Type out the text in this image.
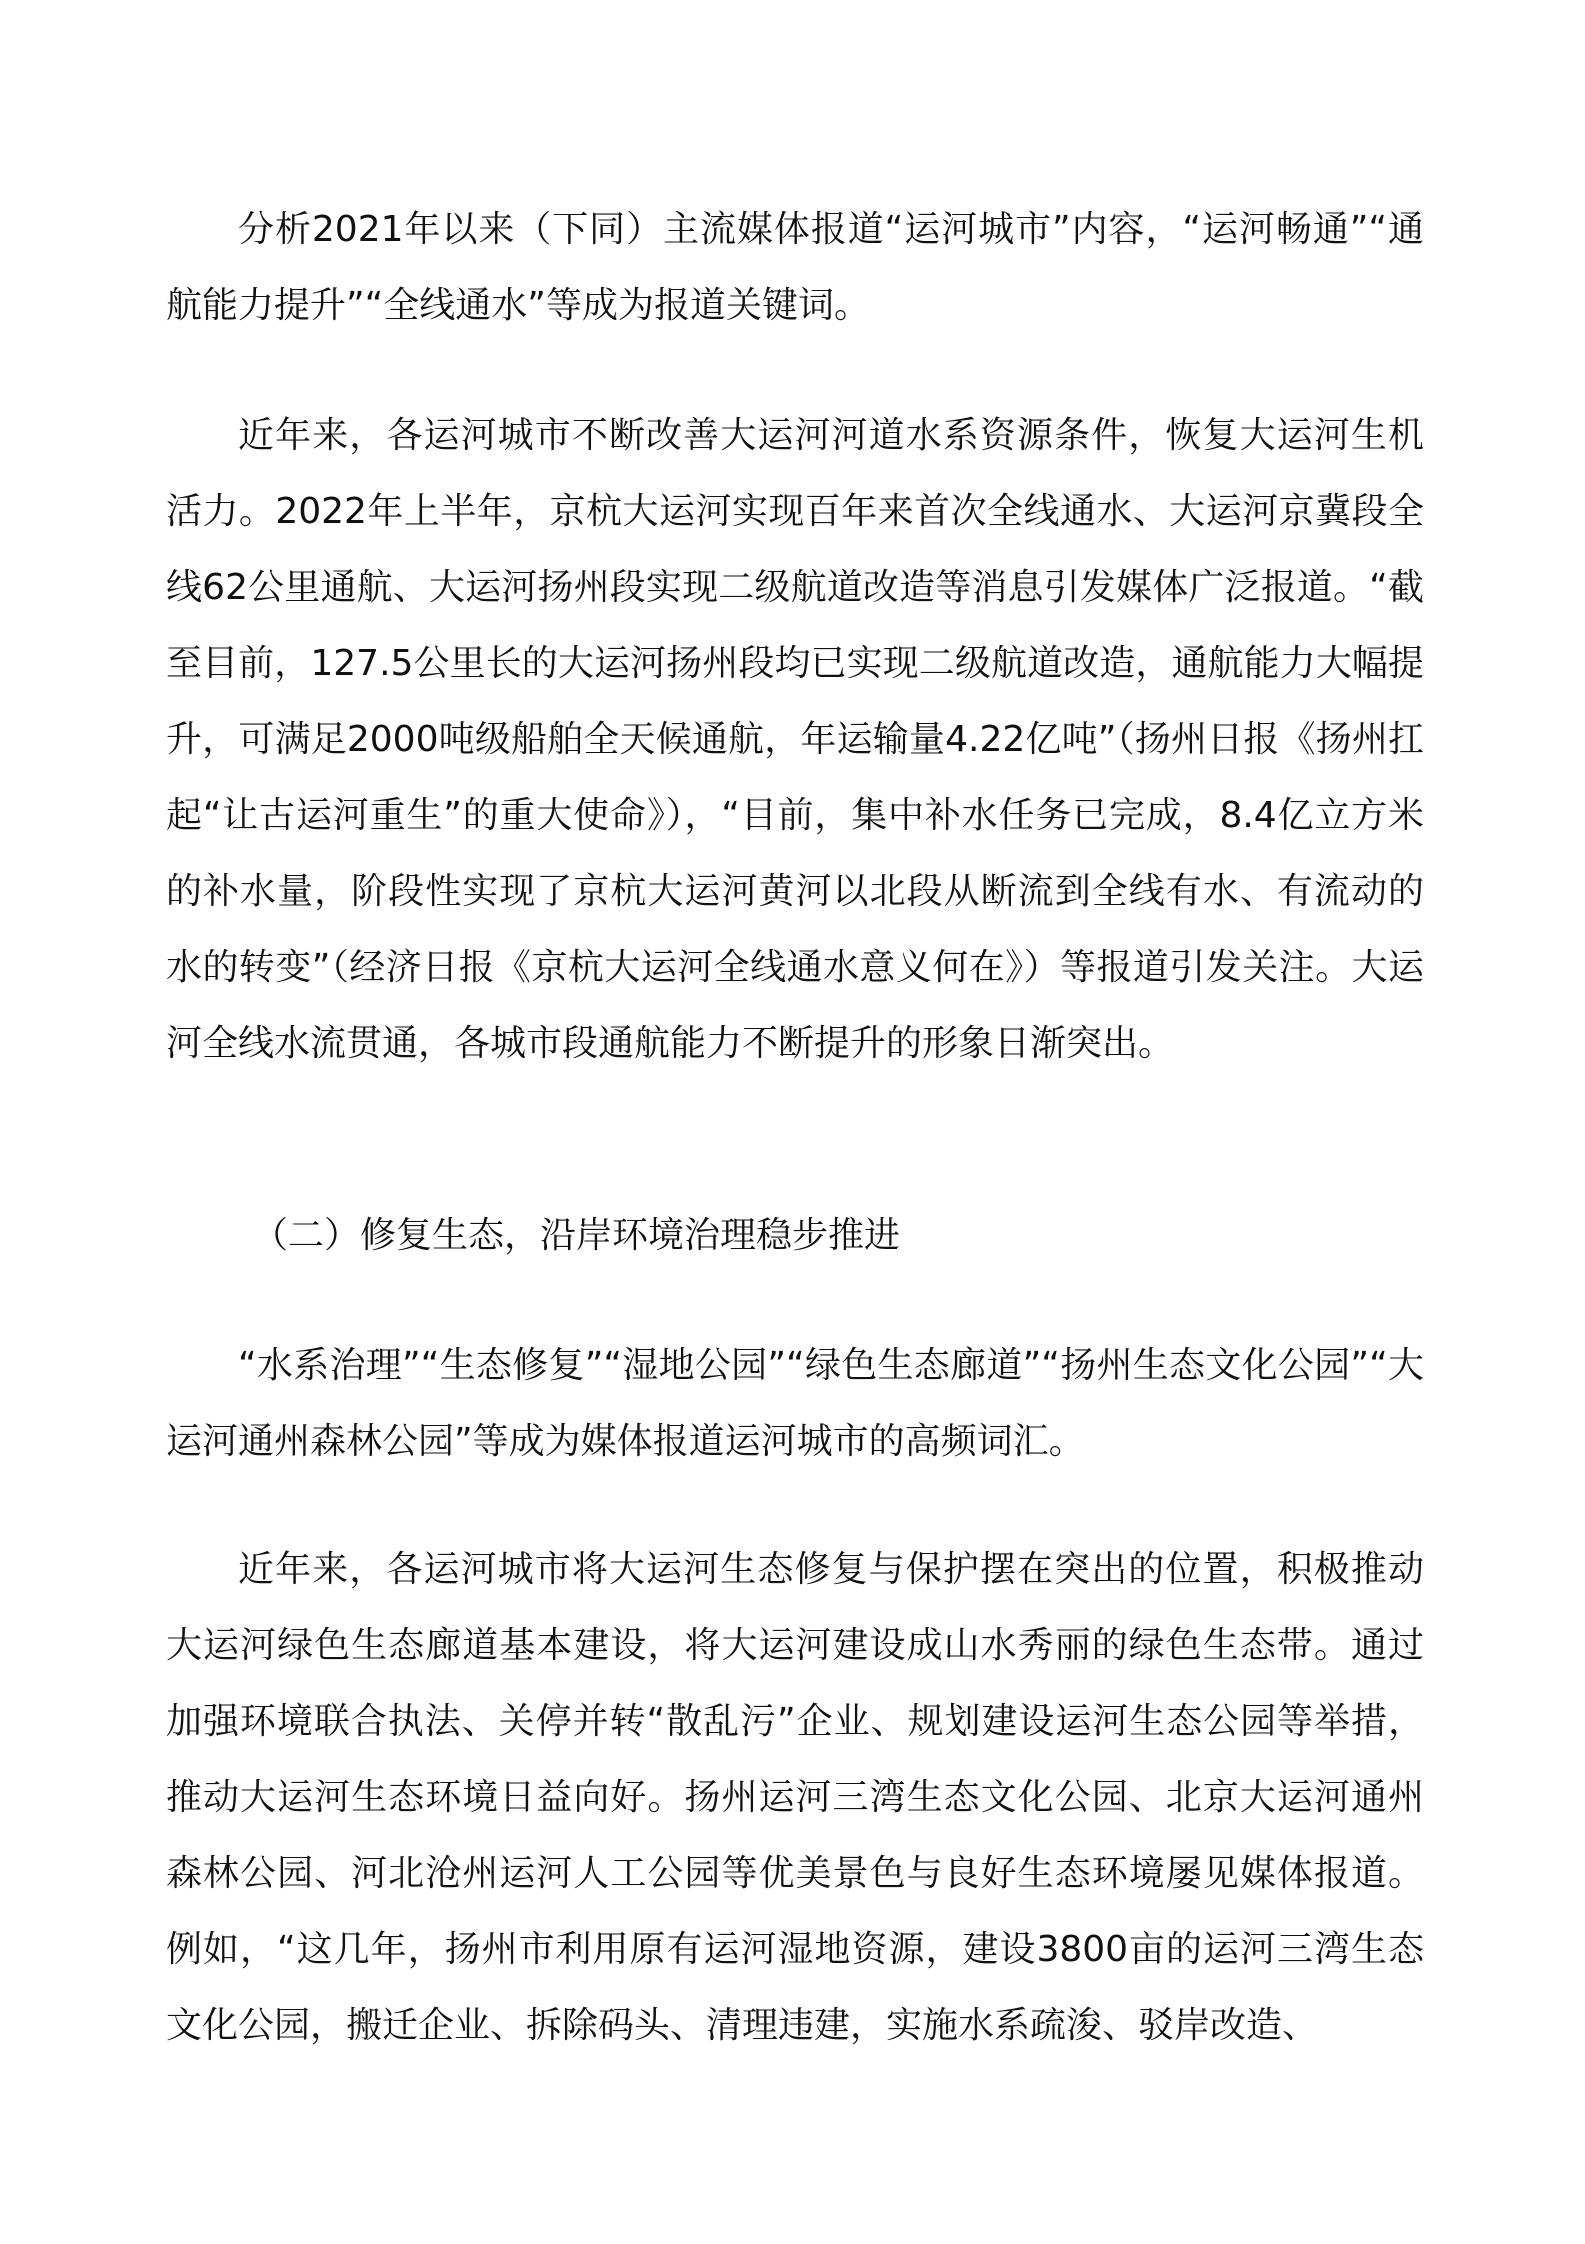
分析2021年以来（下同）主流媒体报道“运河城市”内容，“运河畅通”“通航能力提升”“全线通水”等成为报道关键词。

近年来，各运河城市不断改善大运河河道水系资源条件，恢复大运河生机活力。2022年上半年，京杭大运河实现百年来首次全线通水、大运河京冀段全线62公里通航、大运河扬州段实现二级航道改造等消息引发媒体广泛报道。“截至目前，127.5公里长的大运河扬州段均已实现二级航道改造，通航能力大幅提升，可满足2000吨级船舶全天候通航，年运输量4.22亿吨”（扬州日报《扬州扛起“让古运河重生”的重大使命》），“目前，集中补水任务已完成，8.4亿立方米的补水量，阶段性实现了京杭大运河黄河以北段从断流到全线有水、有流动的水的转变”（经济日报《京杭大运河全线通水意义何在》）等报道引发关注。大运河全线水流贯通，各城市段通航能力不断提升的形象日渐突出。

（二）修复生态，沿岸环境治理稳步推进

“水系治理”“生态修复”“湿地公园”“绿色生态廊道”“扬州生态文化公园”“大运河通州森林公园”等成为媒体报道运河城市的高频词汇。

近年来，各运河城市将大运河生态修复与保护摆在突出的位置，积极推动大运河绿色生态廊道基本建设，将大运河建设成山水秀丽的绿色生态带。通过加强环境联合执法、关停并转“散乱污”企业、规划建设运河生态公园等举措，推动大运河生态环境日益向好。扬州运河三湾生态文化公园、北京大运河通州森林公园、河北沧州运河人工公园等优美景色与良好生态环境屡见媒体报道。例如，“这几年，扬州市利用原有运河湿地资源，建设3800亩的运河三湾生态文化公园，搬迁企业、拆除码头、清理违建，实施水系疏浚、驳岸改造、
